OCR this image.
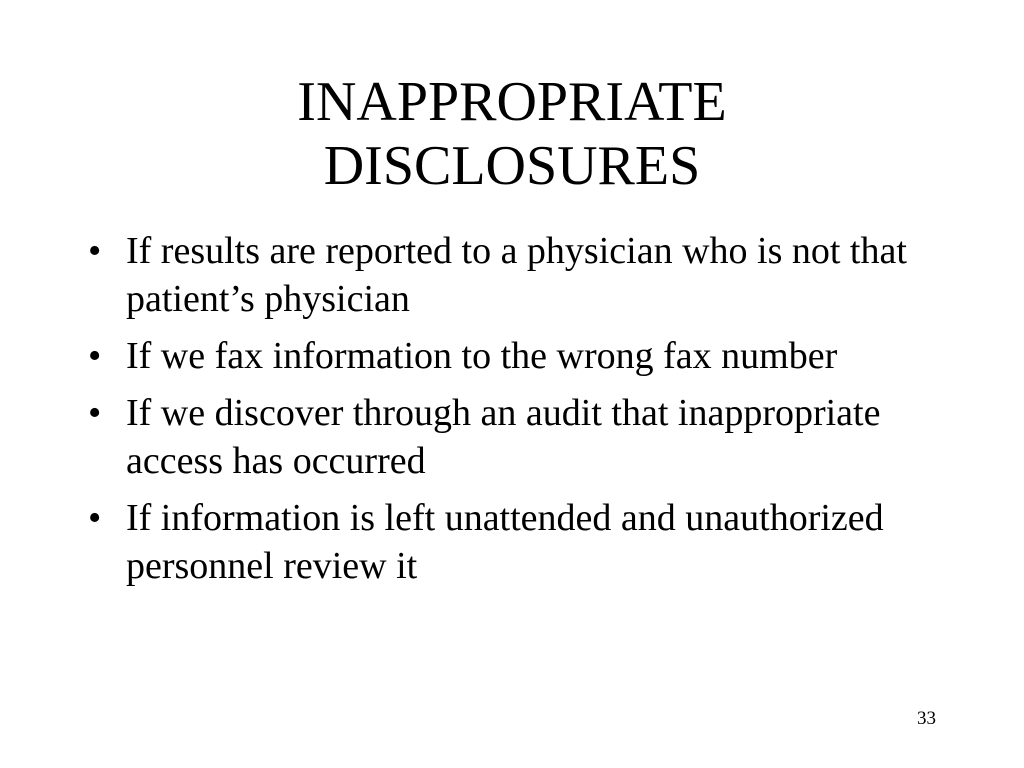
INAPPROPRIATE
DISCLOSURES
• If results are reported to a physician who is not that patient’s physician
• If we fax information to the wrong fax number
• If we discover through an audit that inappropriate access has occurred
• If information is left unattended and unauthorized personnel review it
33
